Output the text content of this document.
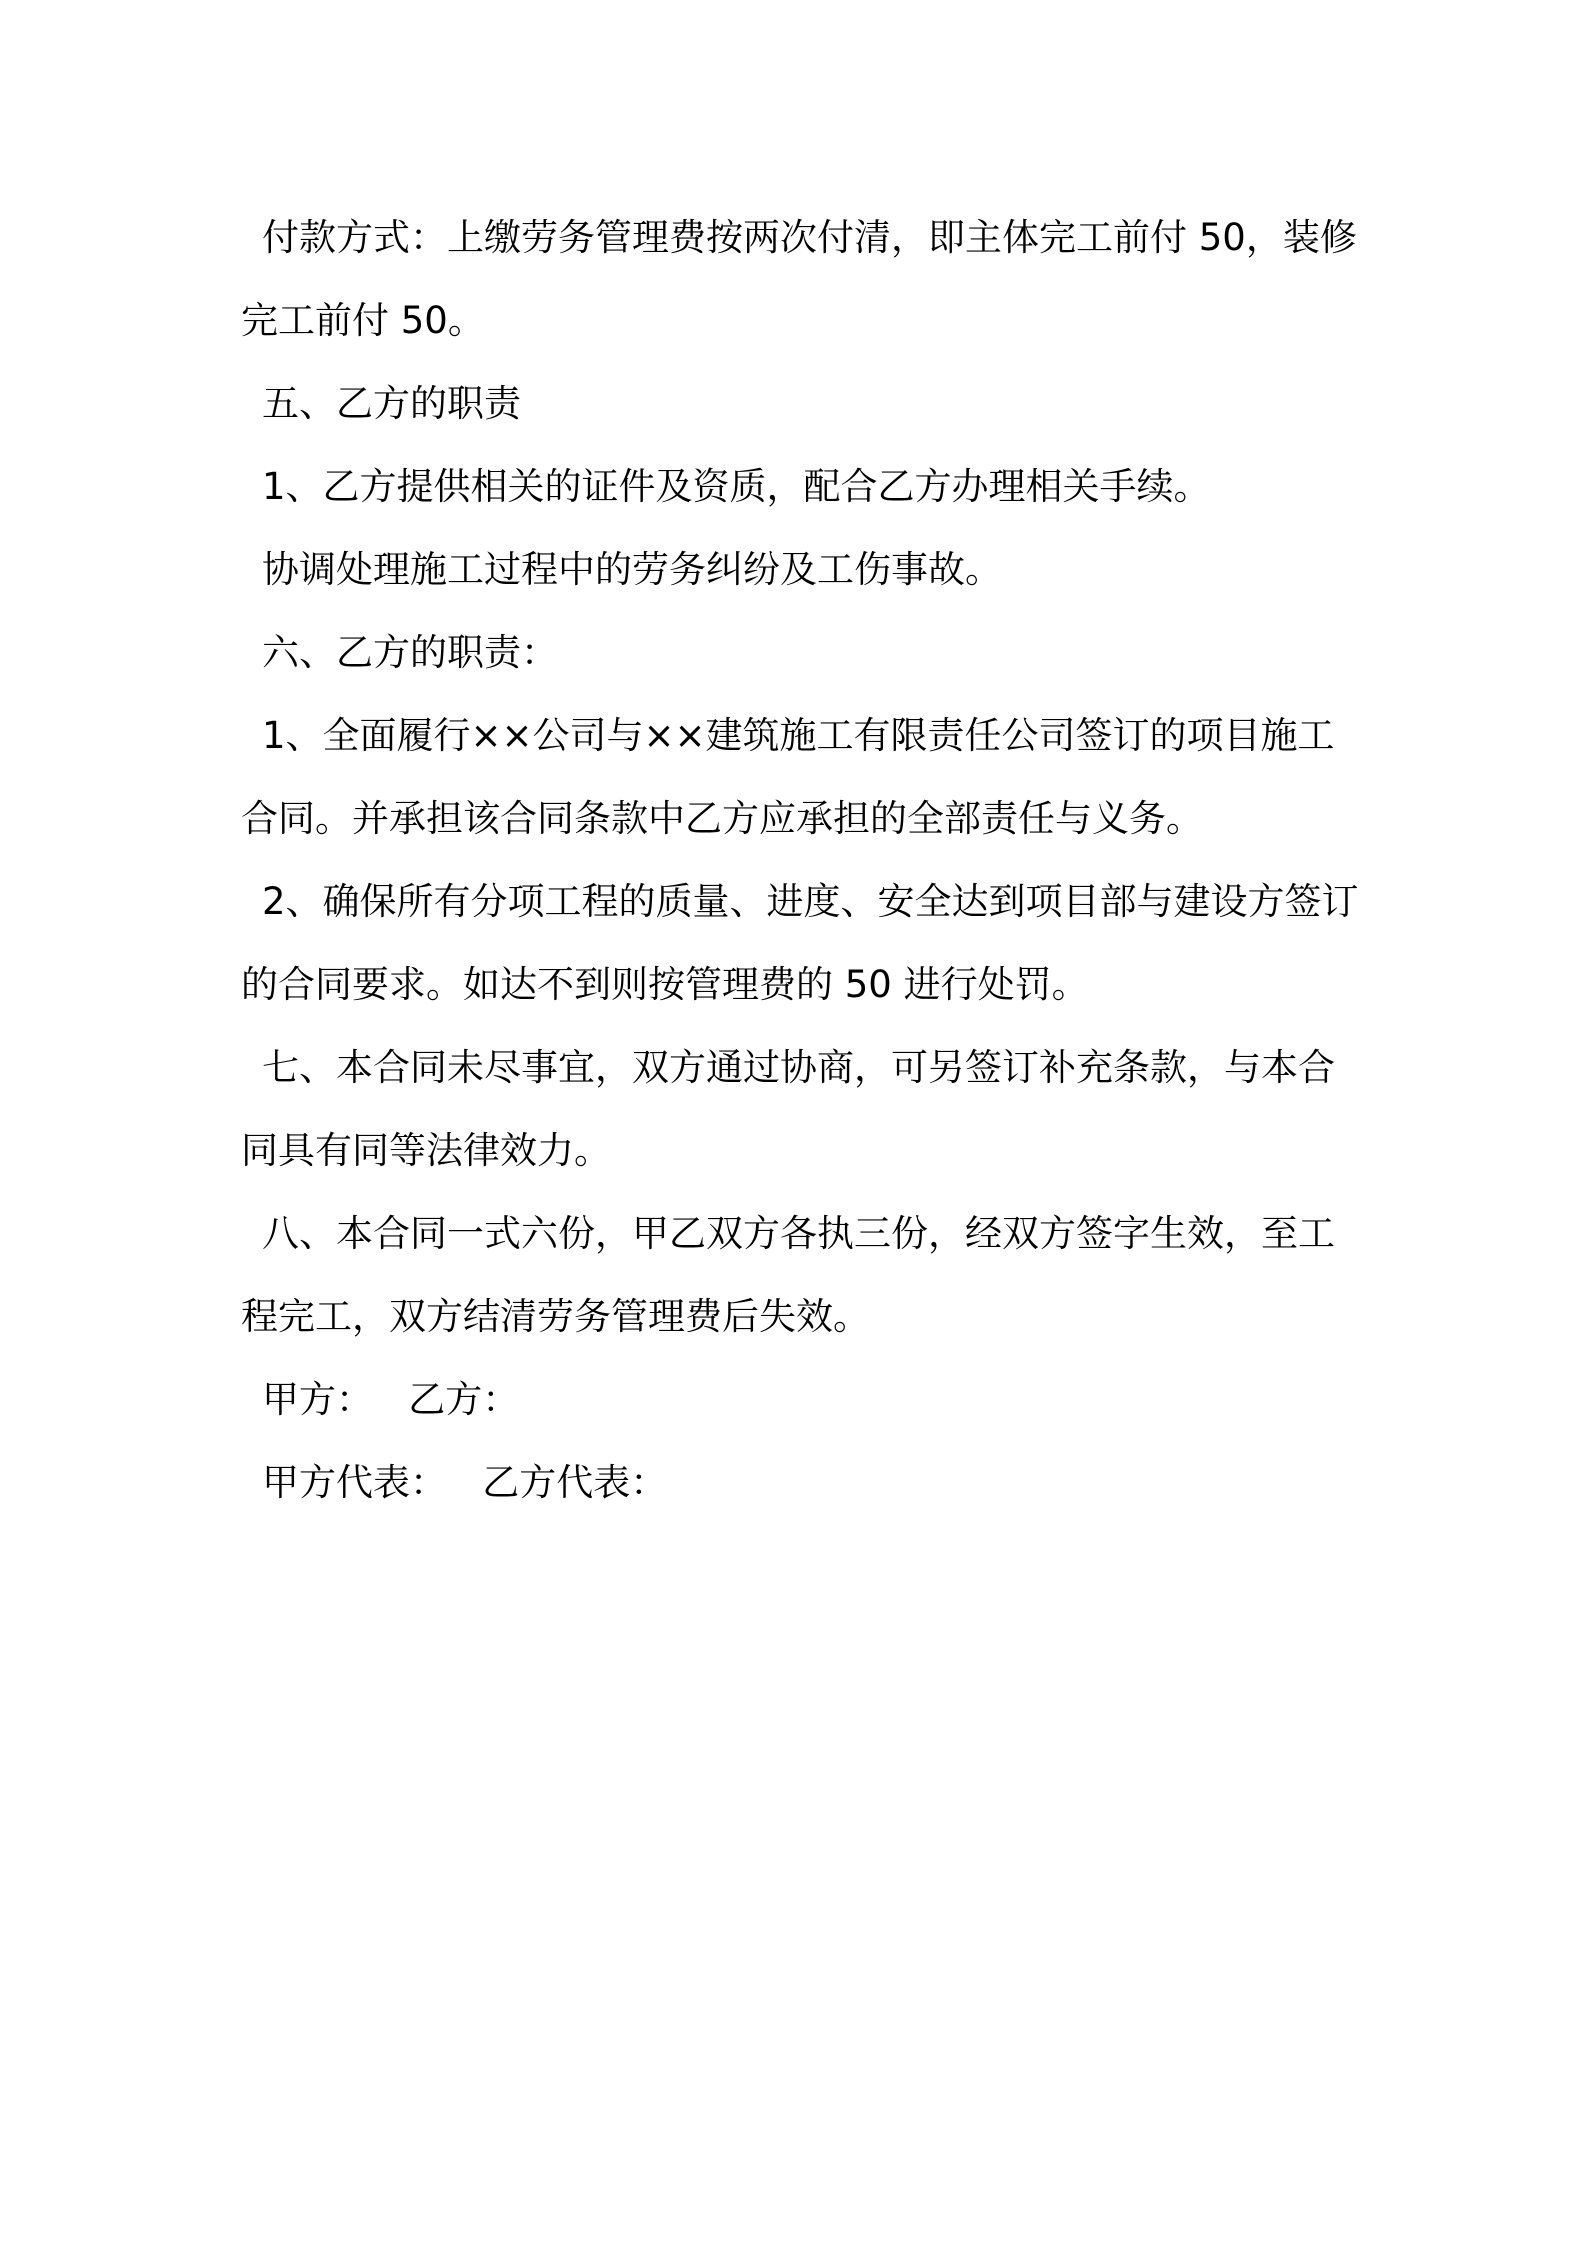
付款方式：上缴劳务管理费按两次付清，即主体完工前付 50，装修完工前付 50。

五、乙方的职责

1、乙方提供相关的证件及资质，配合乙方办理相关手续。

协调处理施工过程中的劳务纠纷及工伤事故。

六、乙方的职责：

1、全面履行××公司与××建筑施工有限责任公司签订的项目施工合同。并承担该合同条款中乙方应承担的全部责任与义务。

2、确保所有分项工程的质量、进度、安全达到项目部与建设方签订的合同要求。如达不到则按管理费的 50 进行处罚。

七、本合同未尽事宜，双方通过协商，可另签订补充条款，与本合同具有同等法律效力。

八、本合同一式六份，甲乙双方各执三份，经双方签字生效，至工程完工，双方结清劳务管理费后失效。

甲方： 乙方：

甲方代表： 乙方代表：
